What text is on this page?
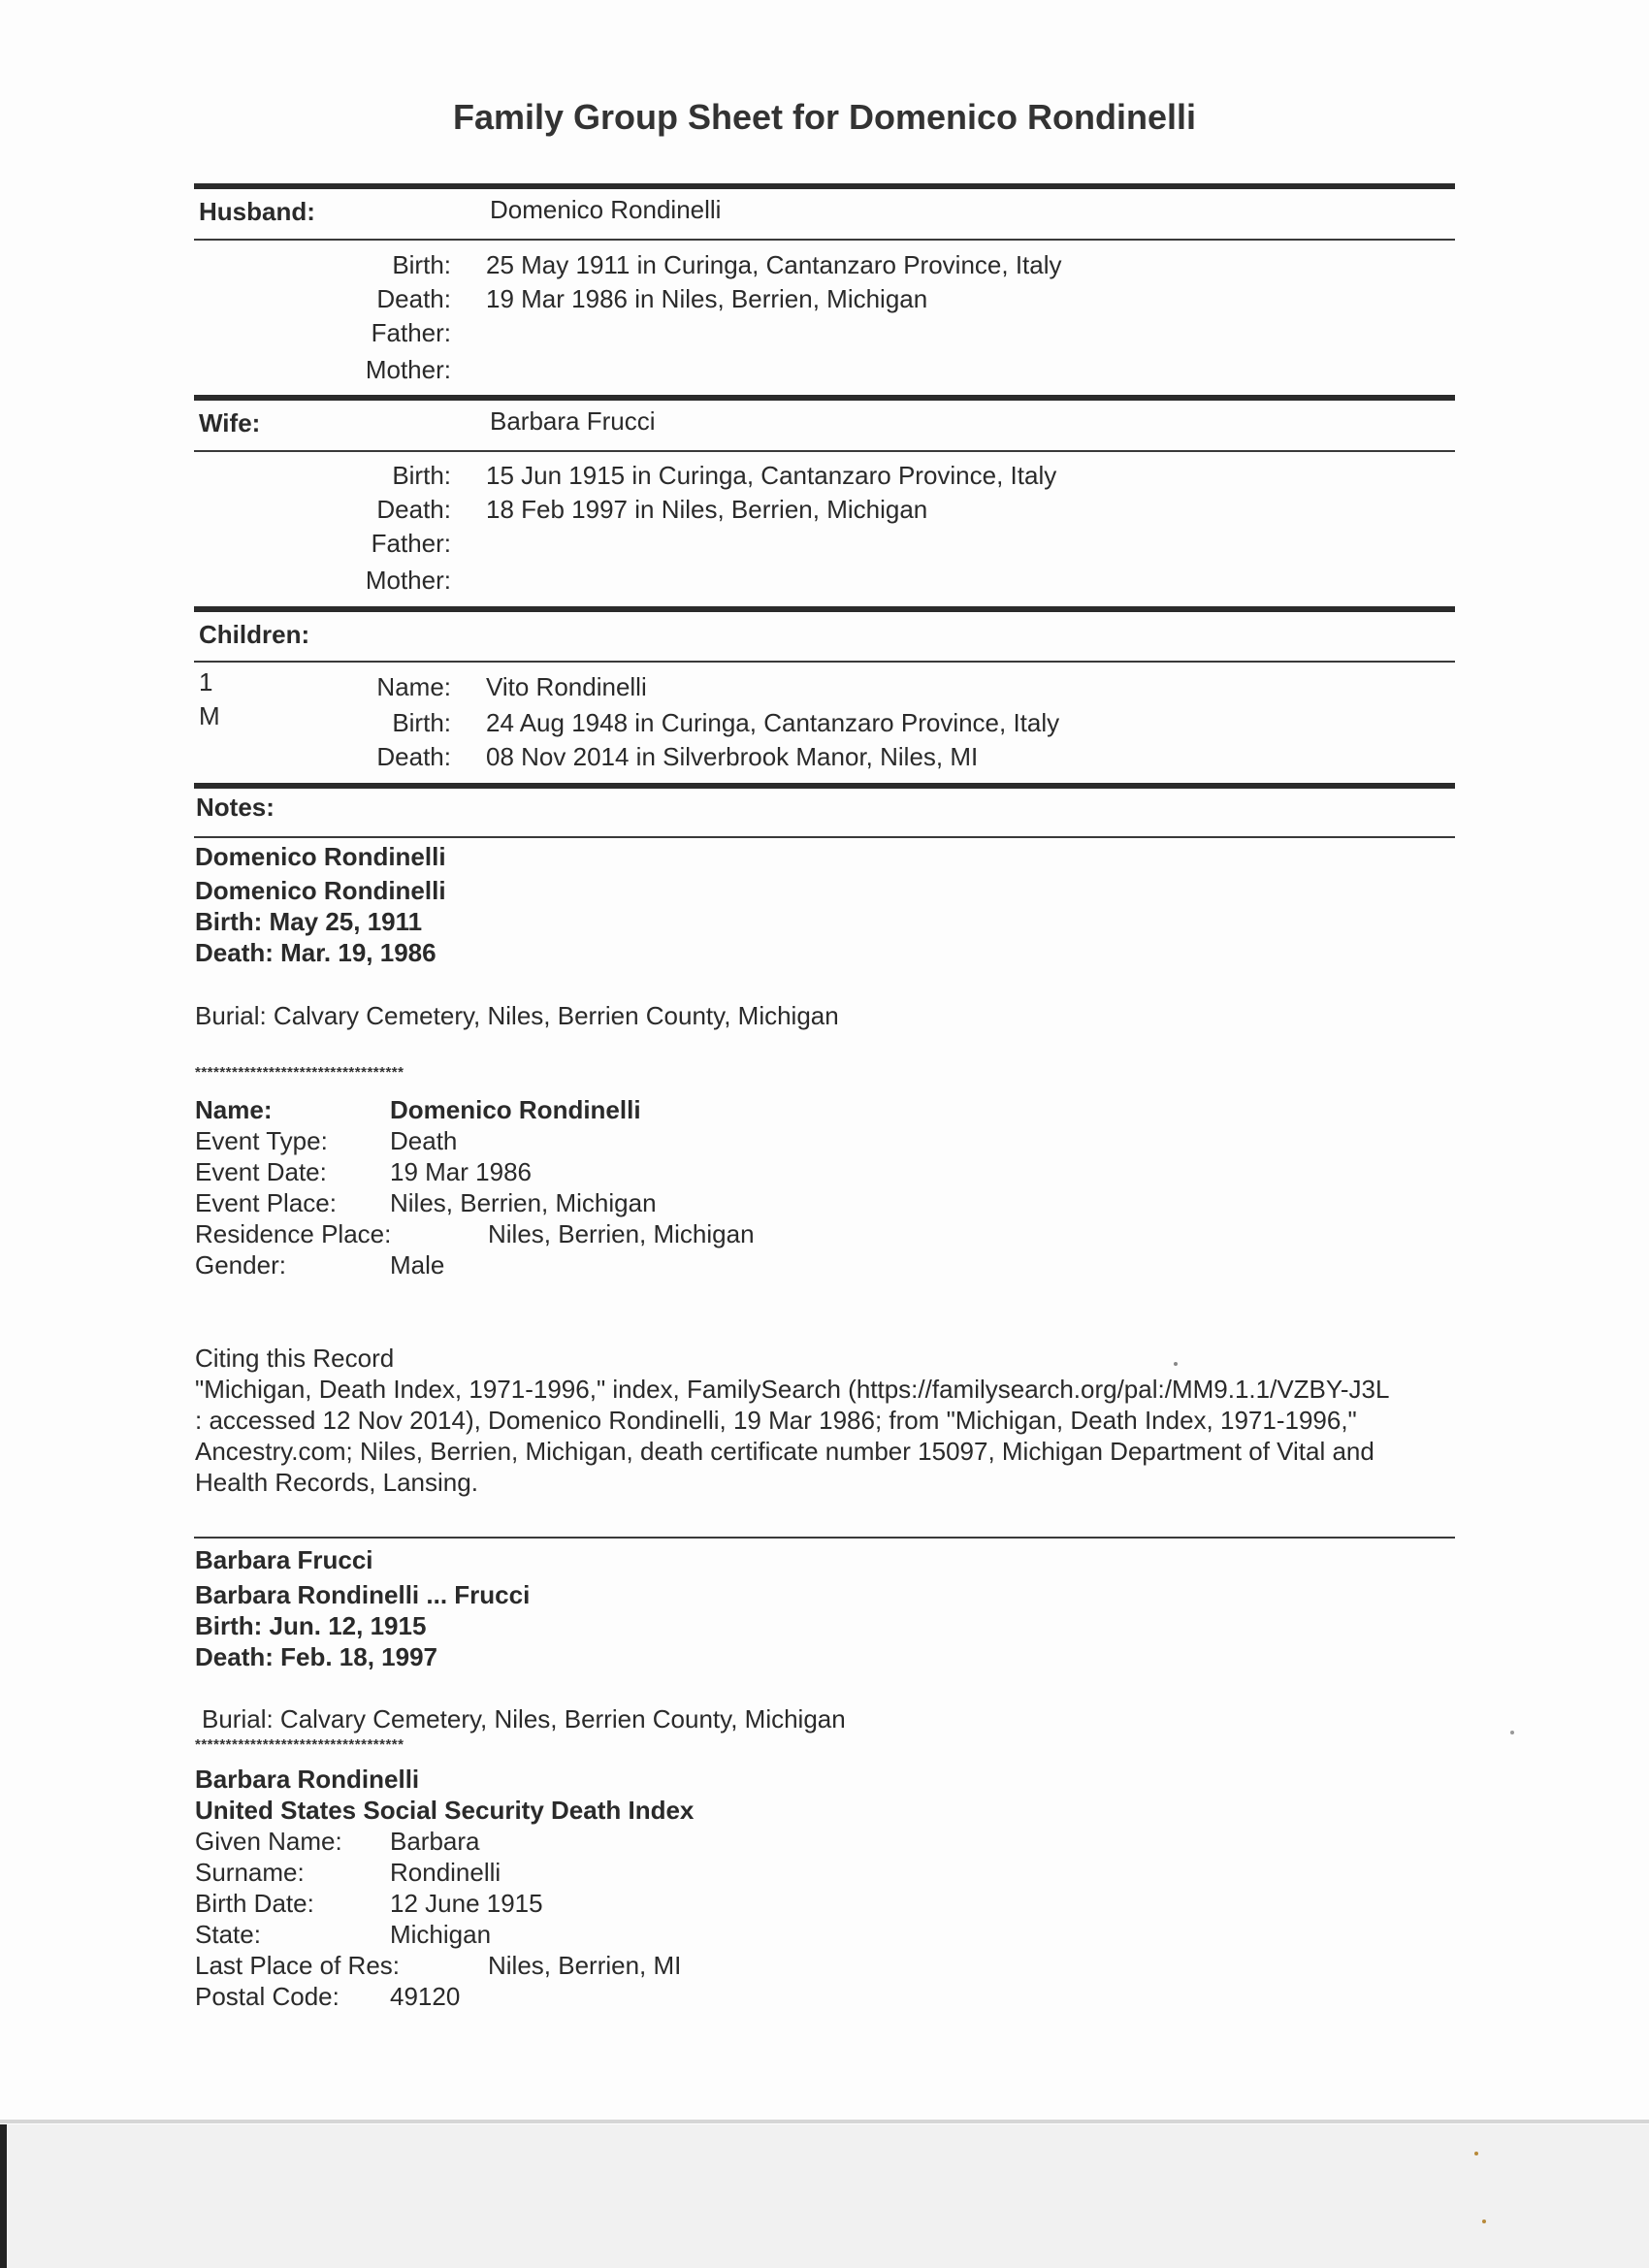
Family Group Sheet for Domenico Rondinelli
Husband:	Domenico Rondinelli
Birth: 25 May 1911 in Curinga, Cantanzaro Province, Italy
Death: 19 Mar 1986 in Niles, Berrien, Michigan
Father:
Mother:
Wife:	Barbara Frucci
Birth: 15 Jun 1915 in Curinga, Cantanzaro Province, Italy
Death: 18 Feb 1997 in Niles, Berrien, Michigan
Father:
Mother:
Children:
1
M
Name: Vito Rondinelli
Birth: 24 Aug 1948 in Curinga, Cantanzaro Province, Italy
Death: 08 Nov 2014 in Silverbrook Manor, Niles, MI
Notes:
Domenico Rondinelli
Domenico Rondinelli
Birth: May 25, 1911
Death: Mar. 19, 1986
Burial: Calvary Cemetery, Niles, Berrien County, Michigan
**********************************
Name:	Domenico Rondinelli
Event Type: Death
Event Date:	19 Mar 1986
Event Place: Niles, Berrien, Michigan
Residence Place:	Niles, Berrien, Michigan
Gender:	Male
Citing this Record
"Michigan, Death Index, 1971-1996," index, FamilySearch (https://familysearch.org/pal:/MM9.1.1/VZBY-J3L
: accessed 12 Nov 2014), Domenico Rondinelli, 19 Mar 1986; from "Michigan, Death Index, 1971-1996,"
Ancestry.com; Niles, Berrien, Michigan, death certificate number 15097, Michigan Department of Vital and
Health Records, Lansing.
Barbara Frucci
Barbara Rondinelli ... Frucci
Birth: Jun. 12, 1915
Death: Feb. 18, 1997
Burial: Calvary Cemetery, Niles, Berrien County, Michigan
**********************************
Barbara Rondinelli
United States Social Security Death Index
Given Name: Barbara
Surname:	Rondinelli
Birth Date:	12 June 1915
State:	Michigan
Last Place of Res:	Niles, Berrien, MI
Postal Code: 49120
